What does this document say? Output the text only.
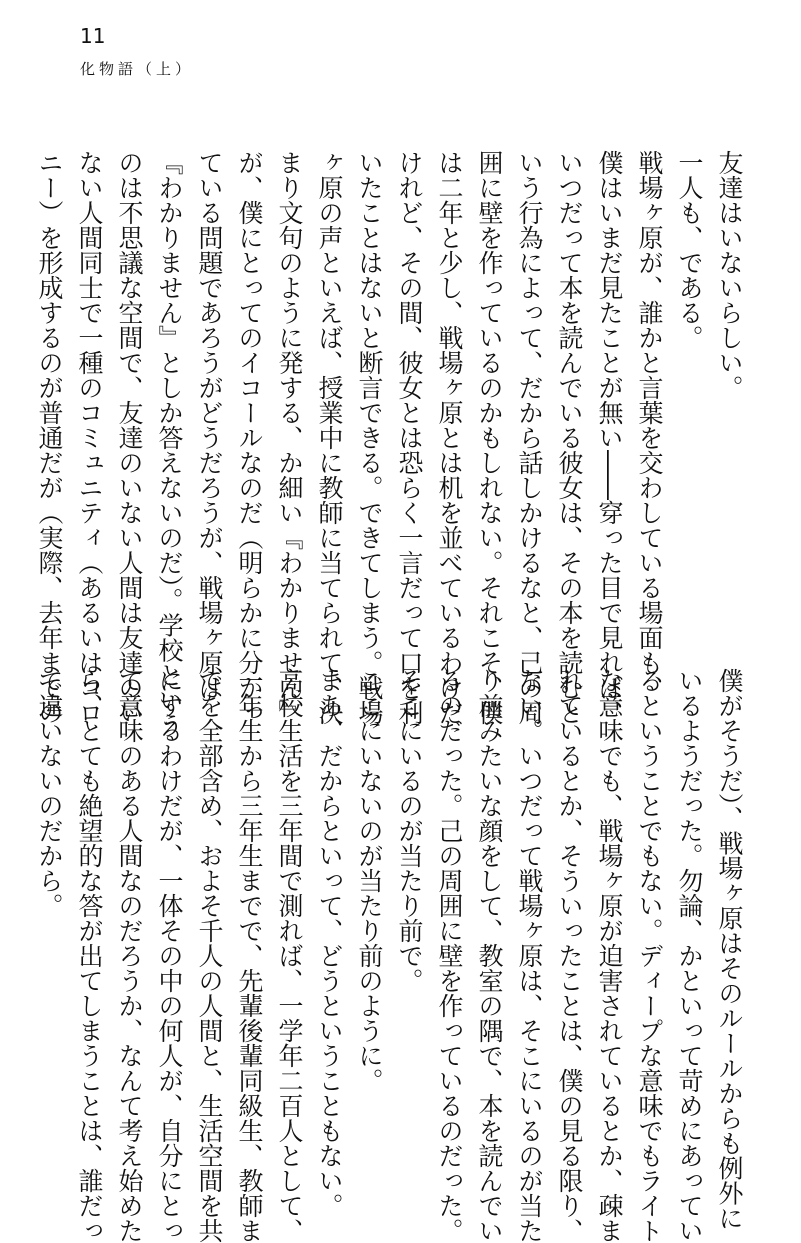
11
化物語（上）
友達はいないらしい。
一人も、である。
戦場ヶ原が、誰かと言葉を交わしている場面も、
僕はいまだ見たことが無い――穿った目で見れば、
いつだって本を読んでいる彼女は、その本を読むと
いう行為によって、だから話しかけるなと、己の周
囲に壁を作っているのかもしれない。それこそ、僕
は二年と少し、戦場ヶ原とは机を並べているわけだ
けれど、その間、彼女とは恐らく一言だって口を利
いたことはないと断言できる。できてしまう。戦場
ヶ原の声といえば、授業中に教師に当てられて、決
まり文句のように発する、か細い『わかりません』
が、僕にとってのイコールなのだ（明らかに分かっ
ている問題であろうがどうだろうが、戦場ヶ原は
『わかりません』としか答えないのだ）。学校という
のは不思議な空間で、友達のいない人間は友達のい
ない人間同士で一種のコミュニティ（あるいはコロ
ニー）を形成するのが普通だが（実際、去年までの
僕がそうだ）、戦場ヶ原はそのルールからも例外に
いるようだった。勿論、かといって苛めにあってい
るということでもない。ディープな意味でもライト
な意味でも、戦場ヶ原が迫害されているとか、疎ま
れているとか、そういったことは、僕の見る限り、
ない。いつだって戦場ヶ原は、そこにいるのが当た
り前みたいな顔をして、教室の隅で、本を読んでい
るのだった。己の周囲に壁を作っているのだった。
そこにいるのが当たり前で。
ここにいないのが当たり前のように。
まあ、だからといって、どうということもない。
高校生活を三年間で測れば、一学年二百人として、
一年生から三年生までで、先輩後輩同級生、教師ま
でを全部含め、およそ千人の人間と、生活空間を共
にするわけだが、一体その中の何人が、自分にとっ
て意味のある人間なのだろうか、なんて考え始めた
ら、とても絶望的な答が出てしまうことは、誰だっ
て違いないのだから。
